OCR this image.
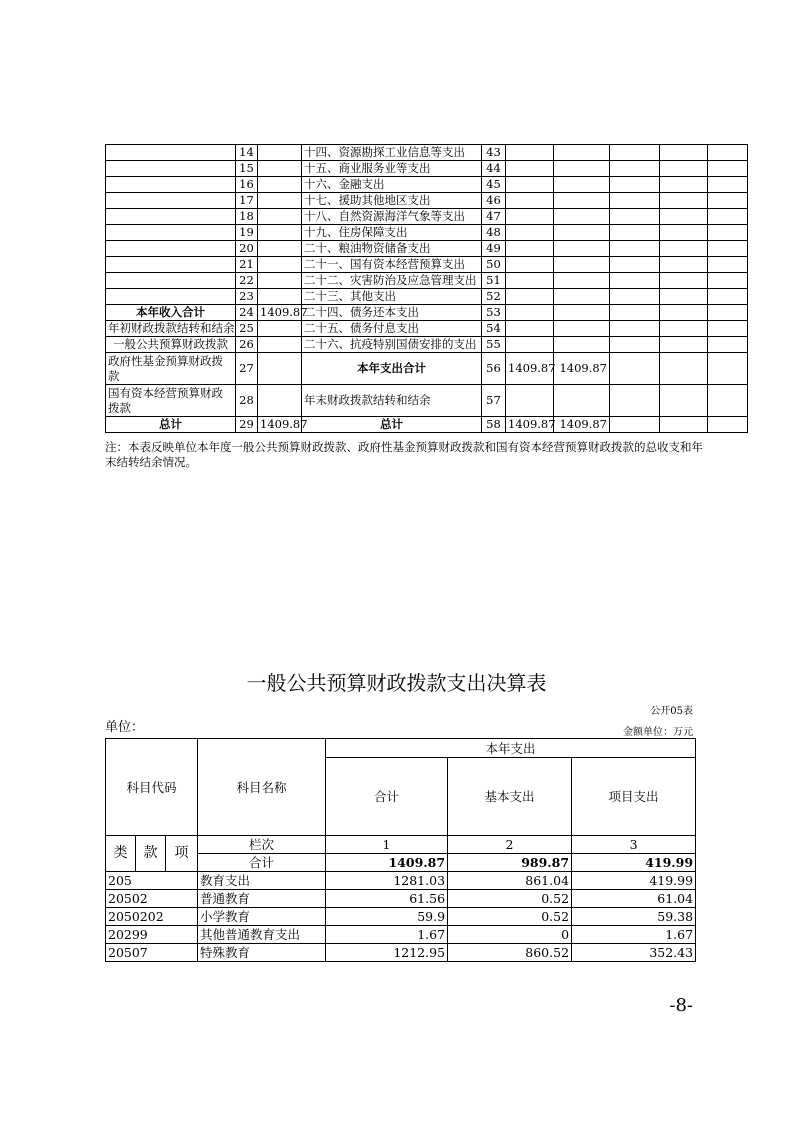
	14		十四、资源勘探工业信息等支出	43					
	15		十五、商业服务业等支出	44					
	16		十六、金融支出	45					
	17		十七、援助其他地区支出	46					
	18		十八、自然资源海洋气象等支出	47					
	19		十九、住房保障支出	48					
	20		二十、粮油物资储备支出	49					
	21		二十一、国有资本经营预算支出	50					
	22		二十二、灾害防治及应急管理支出	51					
	23		二十三、其他支出	52					
本年收入合计	24	1409.87	二十四、债务还本支出	53					
年初财政拨款结转和结余	25		二十五、债务付息支出	54					
一般公共预算财政拨款	26		二十六、抗疫特别国债安排的支出	55					
政府性基金预算财政拨款	27		本年支出合计	56	1409.87	1409.87			
国有资本经营预算财政拨款	28		年末财政拨款结转和结余	57					
总计	29	1409.87	总计	58	1409.87	1409.87			
注：本表反映单位本年度一般公共预算财政拨款、政府性基金预算财政拨款和国有资本经营预算财政拨款的总收支和年末结转结余情况。
一般公共预算财政拨款支出决算表
公开05表
单位：	金额单位：万元
科目代码			科目名称	本年支出		
				合计	基本支出	项目支出
类	款	项	栏次	1	2	3
			合计	1409.87	989.87	419.99
205			教育支出	1281.03	861.04	419.99
20502			普通教育	61.56	0.52	61.04
2050202			小学教育	59.9	0.52	59.38
20299			其他普通教育支出	1.67	0	1.67
20507			特殊教育	1212.95	860.52	352.43
-8-
